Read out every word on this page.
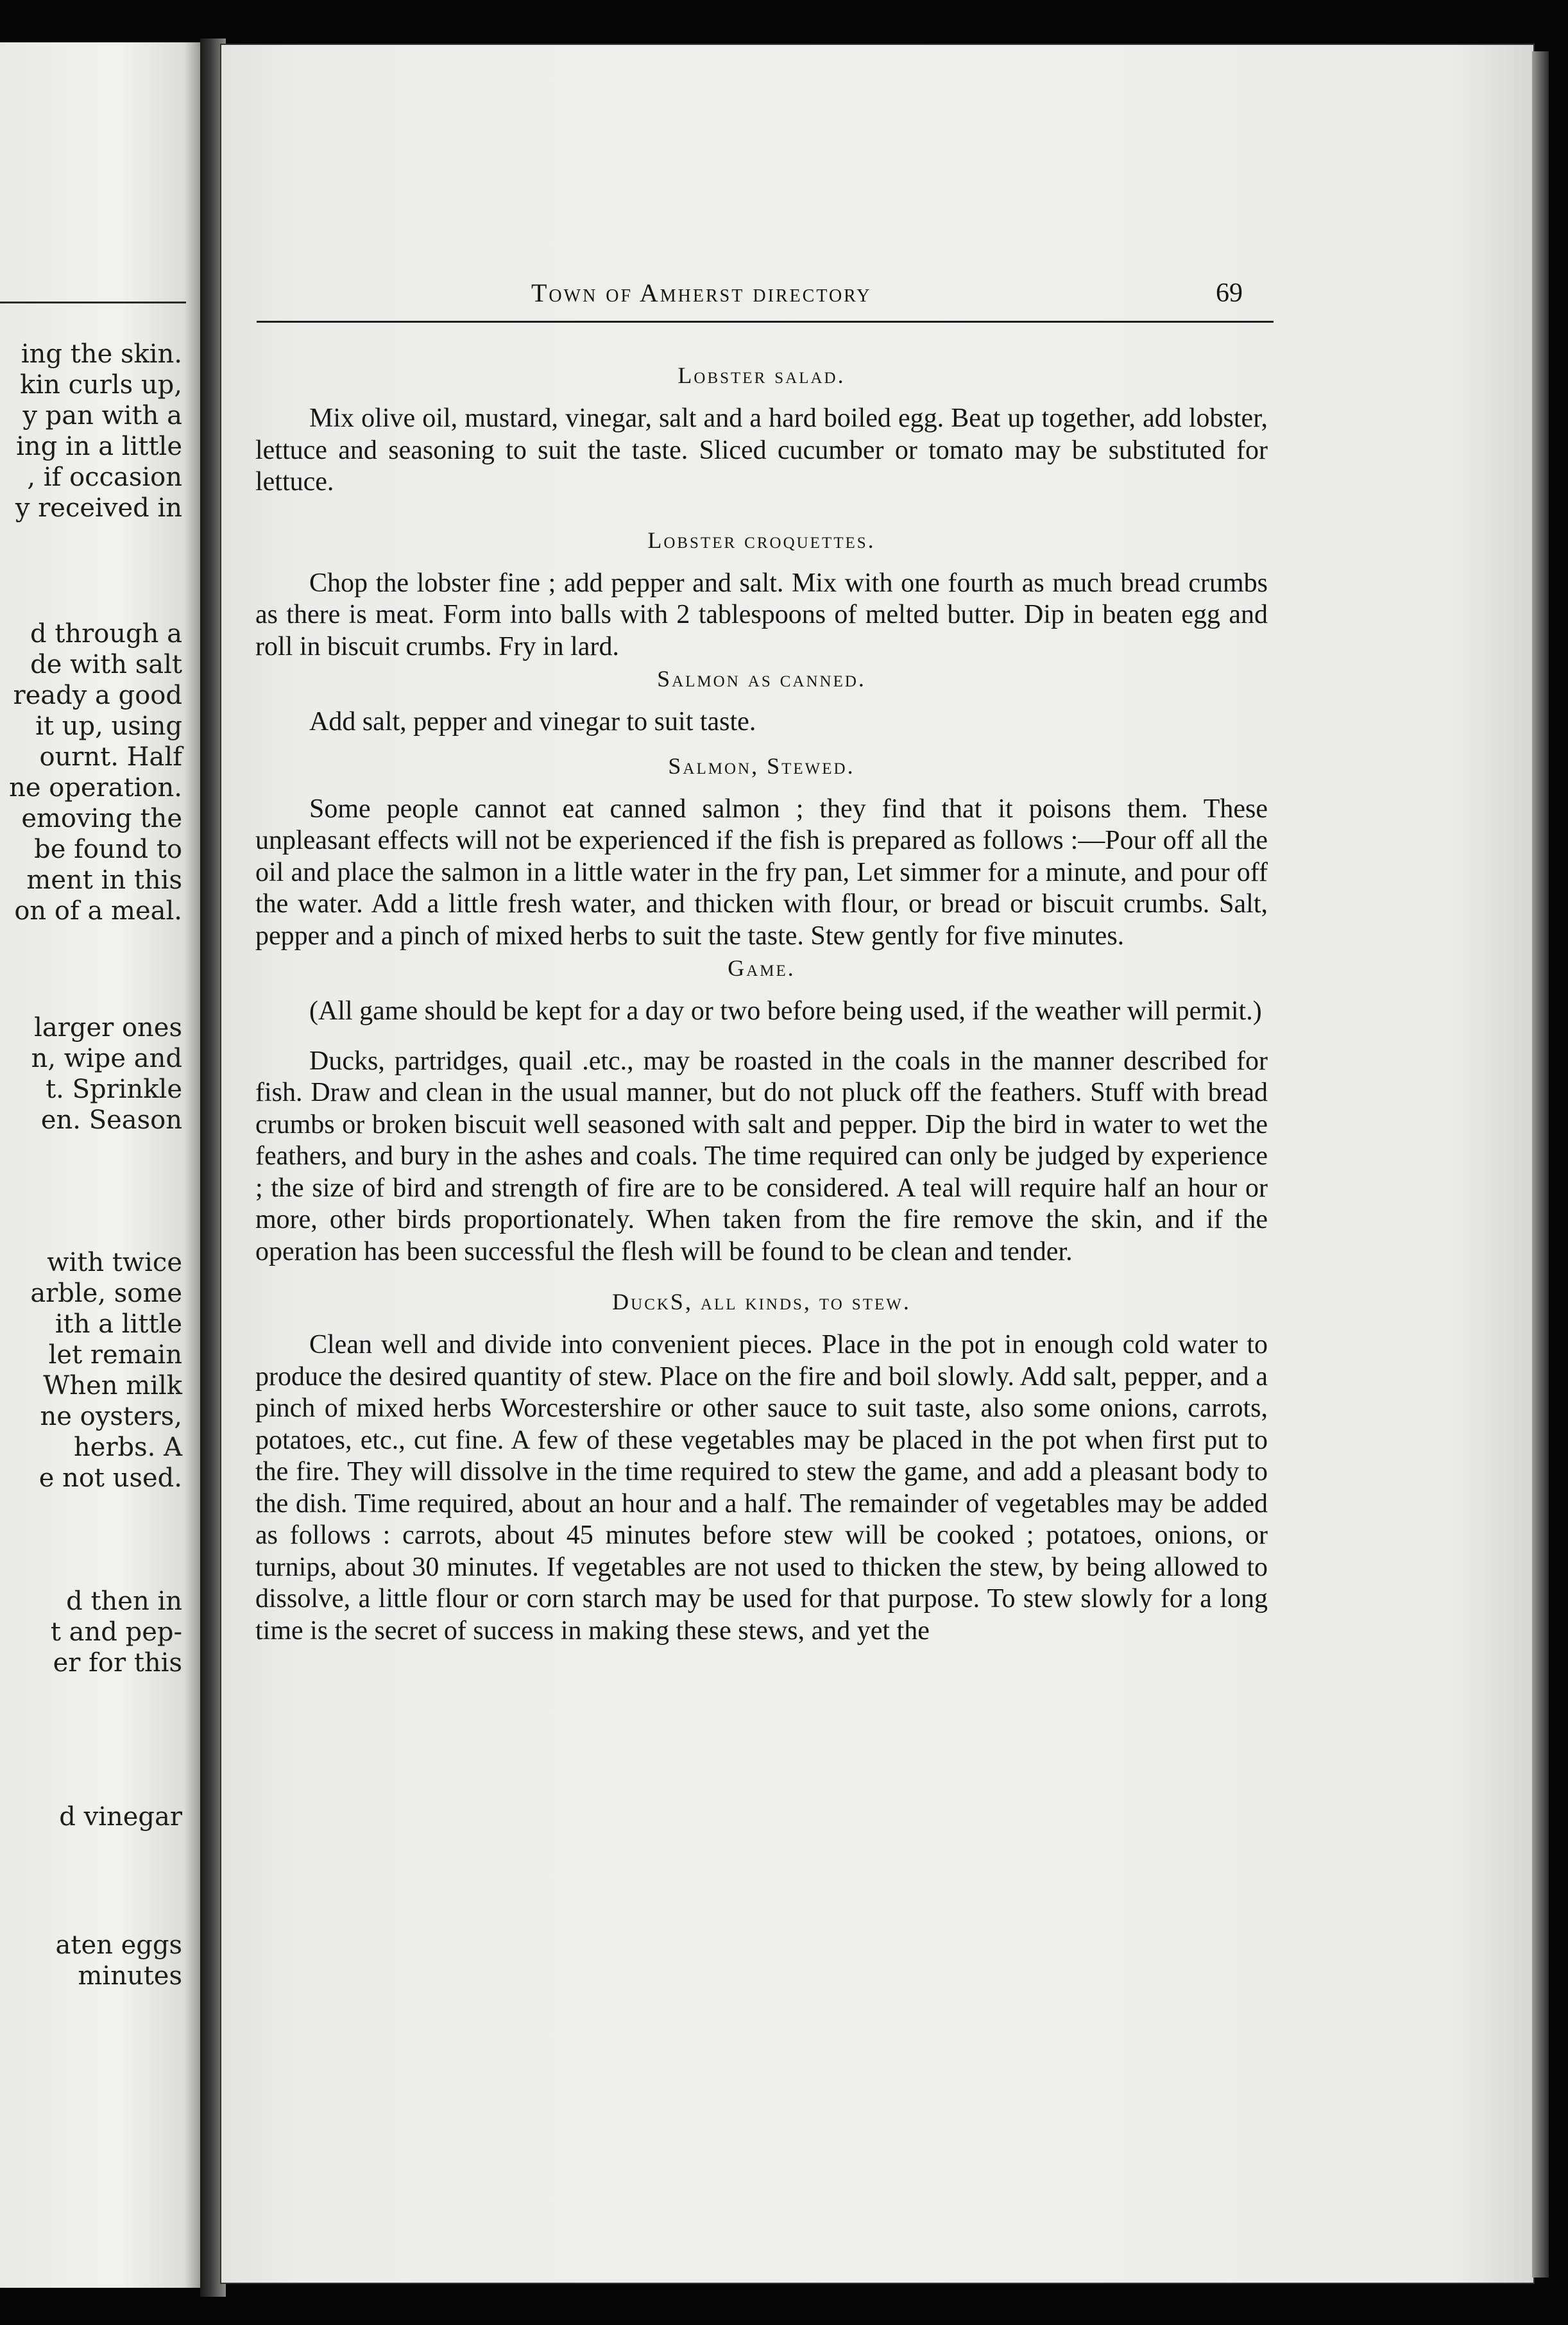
ing the skin.
kin curls up,
y pan with a
ing in a little
, if occasion
y received in
d through a
de with salt
ready a good
it up, using
ournt. Half
ne operation.
emoving the
be found to
ment in this
on of a meal.
larger ones
n, wipe and
t. Sprinkle
en. Season
with twice
arble, some
ith a little
let remain
When milk
ne oysters,
herbs. A
e not used.
d then in
t and pep-
er for this
d vinegar
aten eggs
minutes
Town of Amherst directory	69
Lobster salad.

Mix olive oil, mustard, vinegar, salt and a hard boiled egg. Beat up together, add lobster, lettuce and seasoning to suit the taste. Sliced cucumber or tomato may be substituted for lettuce.

Lobster croquettes.

Chop the lobster fine ; add pepper and salt. Mix with one fourth as much bread crumbs as there is meat. Form into balls with 2 tablespoons of melted butter. Dip in beaten egg and roll in biscuit crumbs. Fry in lard.

Salmon as canned.

Add salt, pepper and vinegar to suit taste.

Salmon, Stewed.

Some people cannot eat canned salmon ; they find that it poisons them. These unpleasant effects will not be experienced if the fish is prepared as follows :—Pour off all the oil and place the salmon in a little water in the fry pan, Let simmer for a minute, and pour off the water. Add a little fresh water, and thicken with flour, or bread or biscuit crumbs. Salt, pepper and a pinch of mixed herbs to suit the taste. Stew gently for five minutes.

Game.

(All game should be kept for a day or two before being used, if the weather will permit.)

Ducks, partridges, quail .etc., may be roasted in the coals in the manner described for fish. Draw and clean in the usual manner, but do not pluck off the feathers. Stuff with bread crumbs or broken biscuit well seasoned with salt and pepper. Dip the bird in water to wet the feathers, and bury in the ashes and coals. The time required can only be judged by experience ; the size of bird and strength of fire are to be considered. A teal will require half an hour or more, other birds proportionately. When taken from the fire remove the skin, and if the operation has been successful the flesh will be found to be clean and tender.

DuckS, all kinds, to stew.

Clean well and divide into convenient pieces. Place in the pot in enough cold water to produce the desired quantity of stew. Place on the fire and boil slowly. Add salt, pepper, and a pinch of mixed herbs Worcestershire or other sauce to suit taste, also some onions, carrots, potatoes, etc., cut fine. A few of these vegetables may be placed in the pot when first put to the fire. They will dissolve in the time required to stew the game, and add a pleasant body to the dish. Time required, about an hour and a half. The remainder of vegetables may be added as follows : carrots, about 45 minutes before stew will be cooked ; potatoes, onions, or turnips, about 30 minutes. If vegetables are not used to thicken the stew, by being allowed to dissolve, a little flour or corn starch may be used for that purpose. To stew slowly for a long time is the secret of success in making these stews, and yet the
